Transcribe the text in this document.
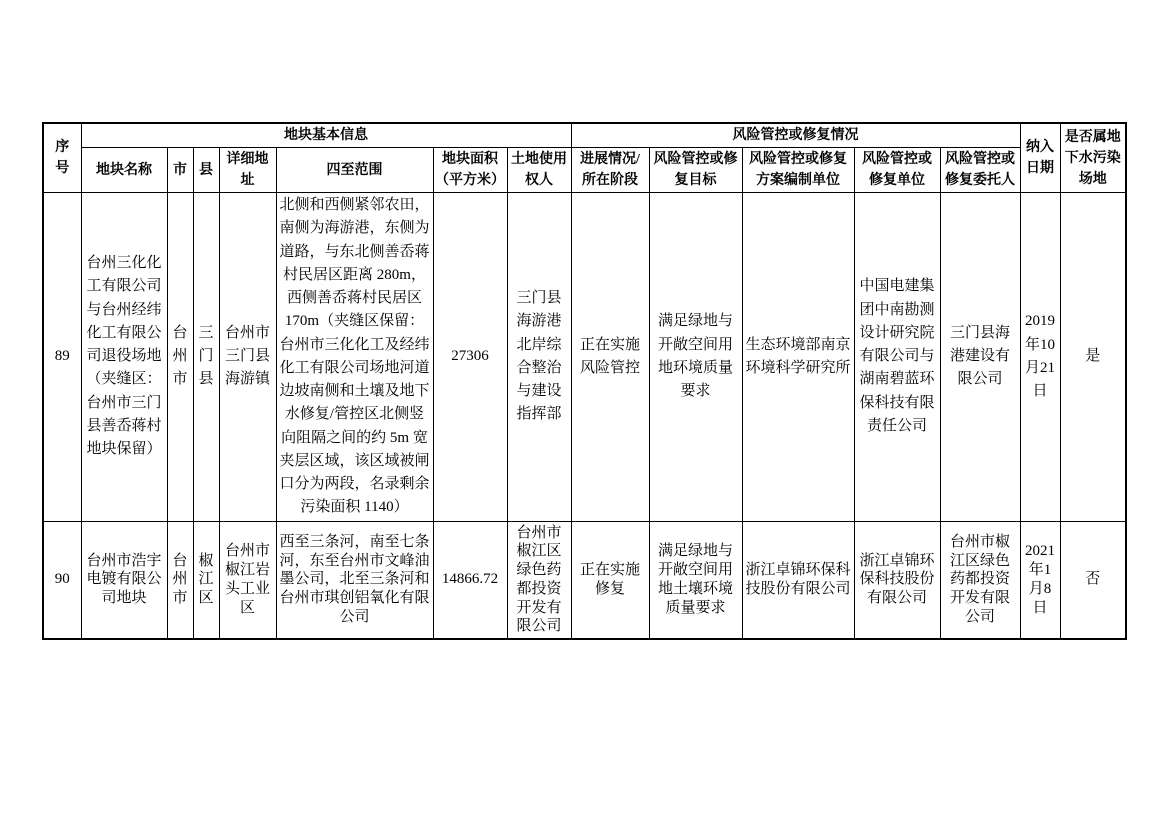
序号	地块基本信息							风险管控或修复情况					纳入日期	是否属地下水污染场地
	地块名称	市	县	详细地址	四至范围	地块面积（平方米）	土地使用权人	进展情况/所在阶段	风险管控或修复目标	风险管控或修复方案编制单位	风险管控或修复单位	风险管控或修复委托人		
89	台州三化化工有限公司与台州经纬化工有限公司退役场地（夹缝区：台州市三门县善岙蒋村地块保留）	台州市	三门县	台州市三门县海游镇	北侧和西侧紧邻农田，南侧为海游港，东侧为道路，与东北侧善岙蒋村民居区距离 280m，西侧善岙蒋村民居区 170m（夹缝区保留：台州市三化化工及经纬化工有限公司场地河道边坡南侧和土壤及地下水修复/管控区北侧竖向阻隔之间的约 5m 宽夹层区域，该区域被闸口分为两段，名录剩余污染面积 1140）	27306	三门县海游港北岸综合整治与建设指挥部	正在实施风险管控	满足绿地与开敞空间用地环境质量要求	生态环境部南京环境科学研究所	中国电建集团中南勘测设计研究院有限公司与湖南碧蓝环保科技有限责任公司	三门县海港建设有限公司	2019年10月21日	是
90	台州市浩宇电镀有限公司地块	台州市	椒江区	台州市椒江岩头工业区	西至三条河，南至七条河，东至台州市文峰油墨公司，北至三条河和台州市琪创铝氧化有限公司	14866.72	台州市椒江区绿色药都投资开发有限公司	正在实施修复	满足绿地与开敞空间用地土壤环境质量要求	浙江卓锦环保科技股份有限公司	浙江卓锦环保科技股份有限公司	台州市椒江区绿色药都投资开发有限公司	2021年1月8日	否
